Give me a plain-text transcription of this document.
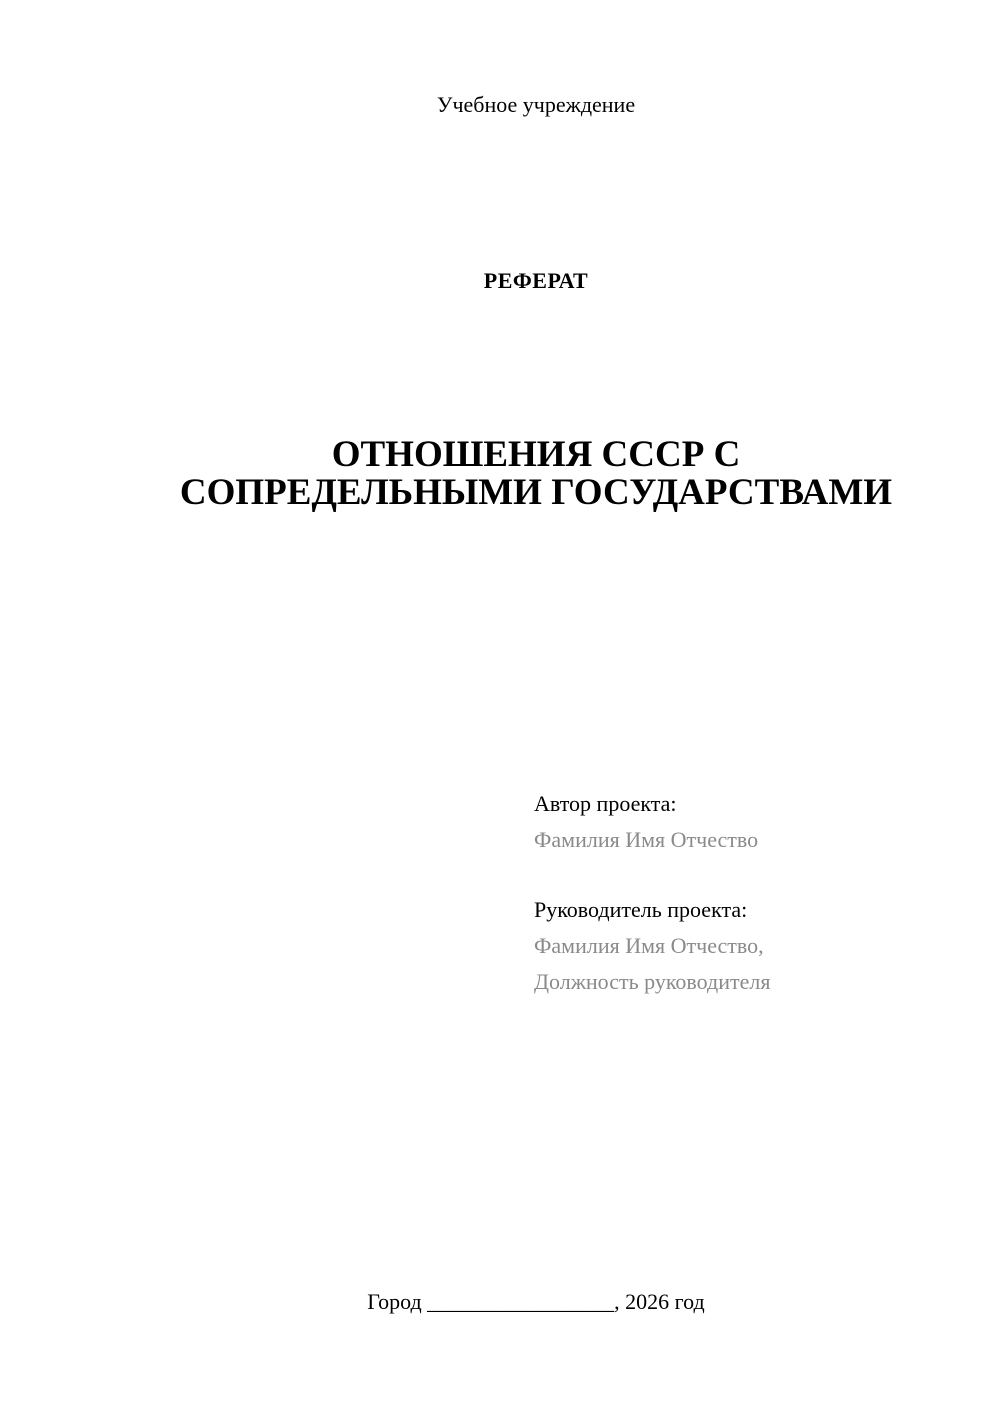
Учебное учреждение
РЕФЕРАТ
ОТНОШЕНИЯ СССР С
СОПРЕДЕЛЬНЫМИ ГОСУДАРСТВАМИ
Автор проекта:
Фамилия Имя Отчество
Руководитель проекта:
Фамилия Имя Отчество,
Должность руководителя
Город _________________, 2026 год
